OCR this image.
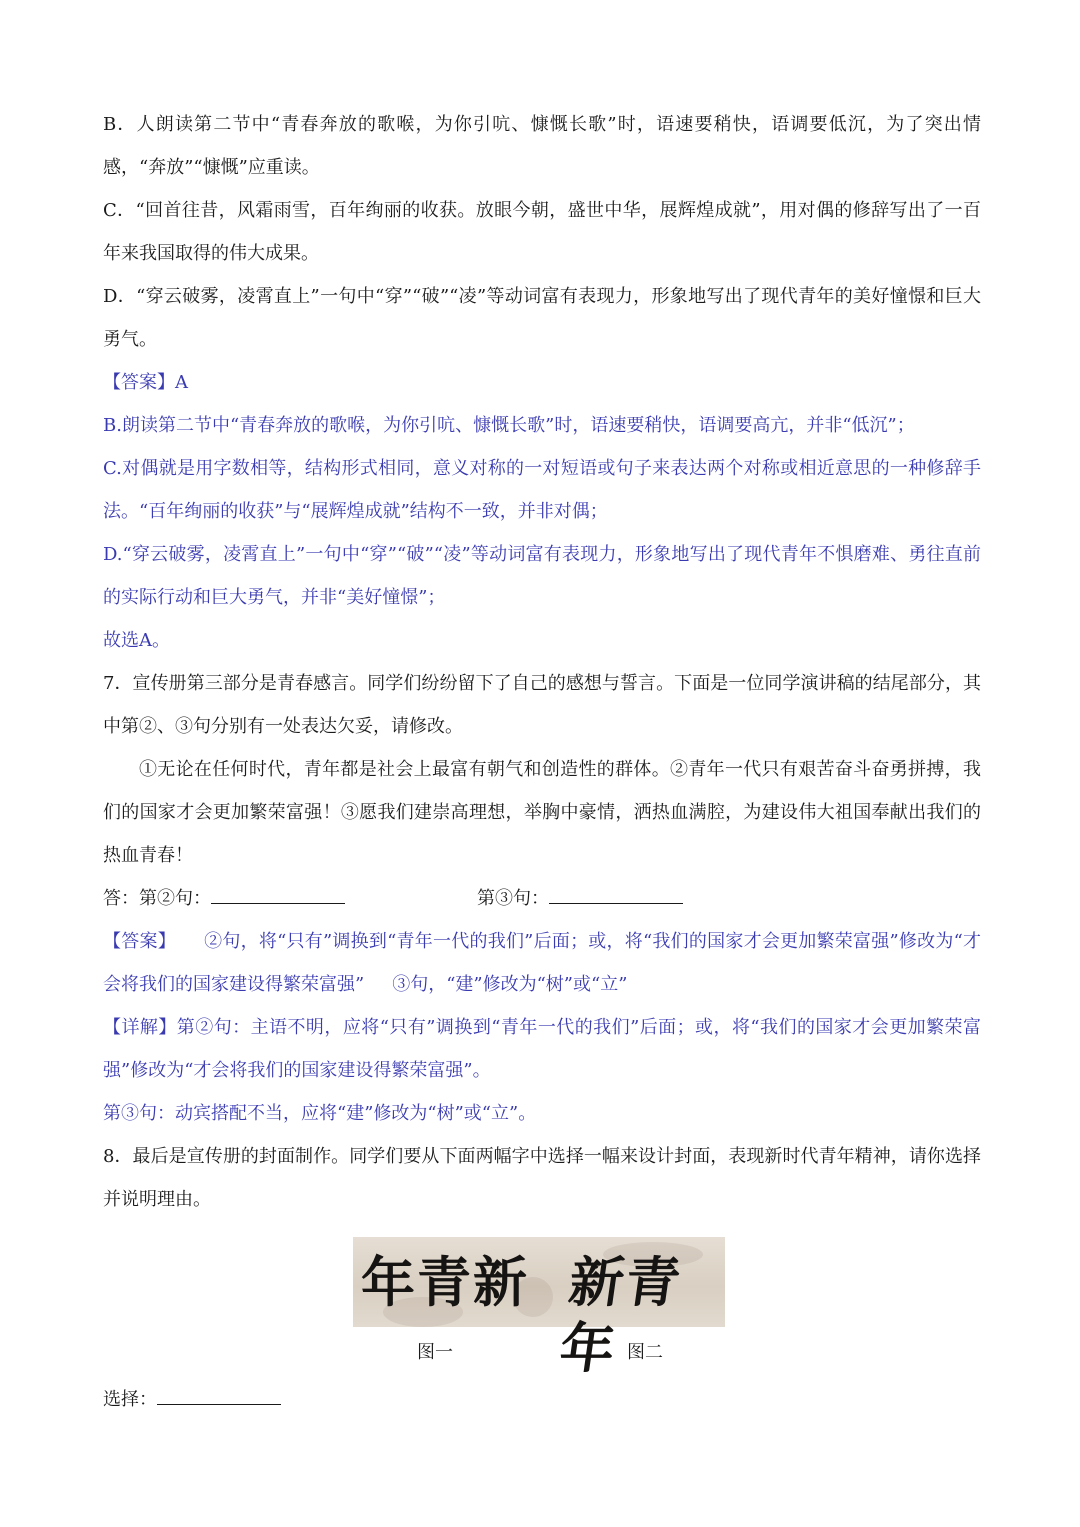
B．人朗读第二节中“青春奔放的歌喉，为你引吭、慷慨长歌”时，语速要稍快，语调要低沉，为了突出情感，“奔放”“慷慨”应重读。
C．“回首往昔，风霜雨雪，百年绚丽的收获。放眼今朝，盛世中华，展辉煌成就”，用对偶的修辞写出了一百年来我国取得的伟大成果。
D．“穿云破雾，凌霄直上”一句中“穿”“破”“凌”等动词富有表现力，形象地写出了现代青年的美好憧憬和巨大勇气。
【答案】A
B.朗读第二节中“青春奔放的歌喉，为你引吭、慷慨长歌”时，语速要稍快，语调要高亢，并非“低沉”；
C.对偶就是用字数相等，结构形式相同，意义对称的一对短语或句子来表达两个对称或相近意思的一种修辞手法。“百年绚丽的收获”与“展辉煌成就”结构不一致，并非对偶；
D.“穿云破雾，凌霄直上”一句中“穿”“破”“凌”等动词富有表现力，形象地写出了现代青年不惧磨难、勇往直前的实际行动和巨大勇气，并非“美好憧憬”；
故选A。
7．宣传册第三部分是青春感言。同学们纷纷留下了自己的感想与誓言。下面是一位同学演讲稿的结尾部分，其中第②、③句分别有一处表达欠妥，请修改。
①无论在任何时代，青年都是社会上最富有朝气和创造性的群体。②青年一代只有艰苦奋斗奋勇拼搏，我们的国家才会更加繁荣富强！③愿我们建崇高理想，举胸中豪情，洒热血满腔，为建设伟大祖国奉献出我们的热血青春！
答：第②句：	第③句：
【答案】 ②句，将“只有”调换到“青年一代的我们”后面；或，将“我们的国家才会更加繁荣富强”修改为“才会将我们的国家建设得繁荣富强” ③句，“建”修改为“树”或“立”
【详解】第②句：主语不明，应将“只有”调换到“青年一代的我们”后面；或，将“我们的国家才会更加繁荣富强”修改为“才会将我们的国家建设得繁荣富强”。
第③句：动宾搭配不当，应将“建”修改为“树”或“立”。
8．最后是宣传册的封面制作。同学们要从下面两幅字中选择一幅来设计封面，表现新时代青年精神，请你选择并说明理由。
年青新 新青年
图一	图二
选择：
